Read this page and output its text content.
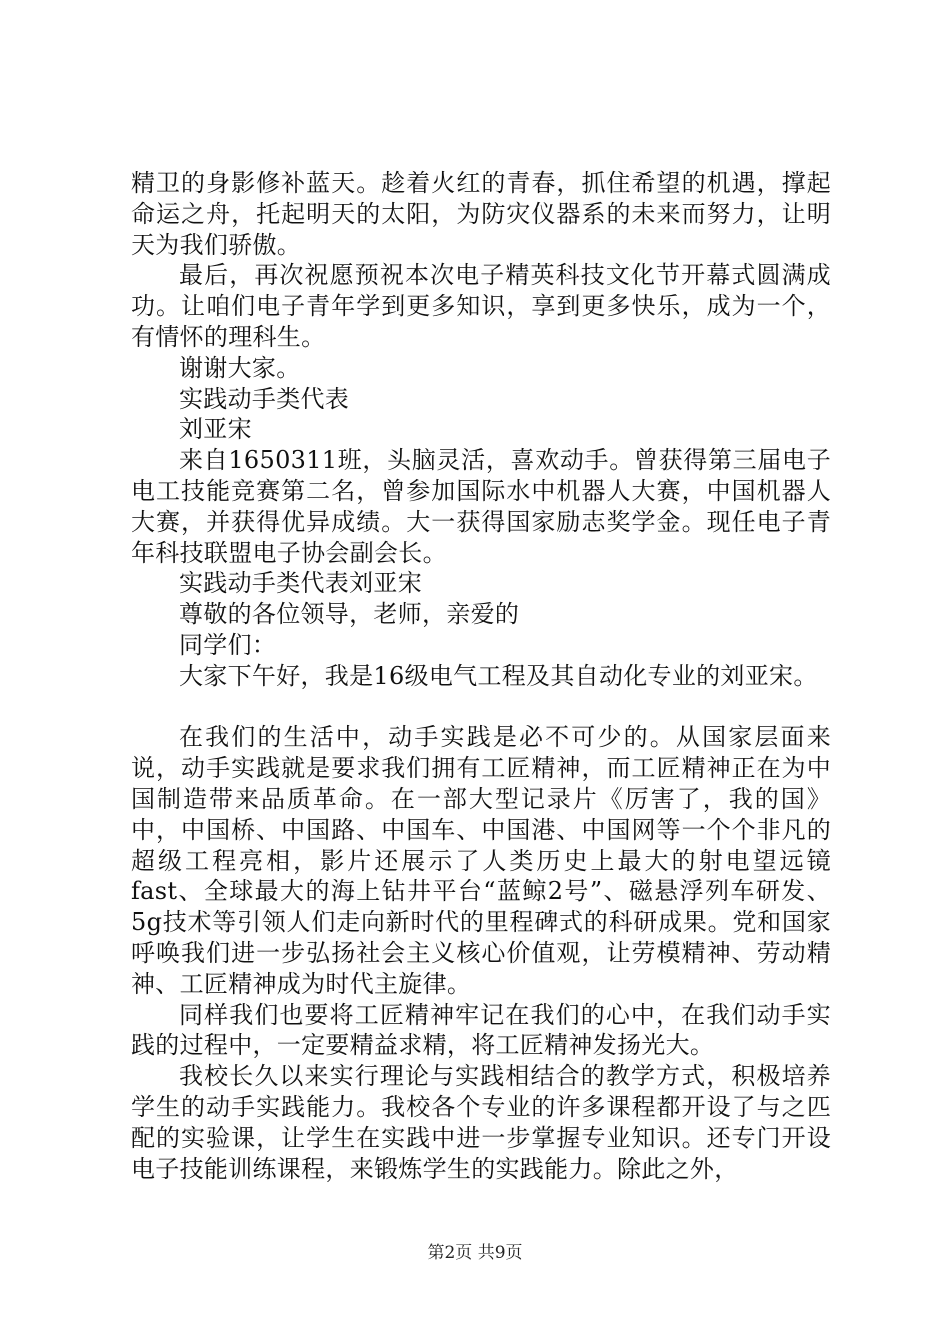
精卫的身影修补蓝天。趁着火红的青春，抓住希望的机遇，撑起命运之舟，托起明天的太阳，为防灾仪器系的未来而努力，让明天为我们骄傲。

最后，再次祝愿预祝本次电子精英科技文化节开幕式圆满成功。让咱们电子青年学到更多知识，享到更多快乐，成为一个，有情怀的理科生。

谢谢大家。

实践动手类代表

刘亚宋

来自1650311班，头脑灵活，喜欢动手。曾获得第三届电子电工技能竞赛第二名，曾参加国际水中机器人大赛，中国机器人大赛，并获得优异成绩。大一获得国家励志奖学金。现任电子青年科技联盟电子协会副会长。

实践动手类代表刘亚宋

尊敬的各位领导，老师，亲爱的

同学们：

大家下午好，我是16级电气工程及其自动化专业的刘亚宋。

在我们的生活中，动手实践是必不可少的。从国家层面来说，动手实践就是要求我们拥有工匠精神，而工匠精神正在为中国制造带来品质革命。在一部大型记录片《厉害了，我的国》中，中国桥、中国路、中国车、中国港、中国网等一个个非凡的超级工程亮相，影片还展示了人类历史上最大的射电望远镜fast、全球最大的海上钻井平台“蓝鲸2号”、磁悬浮列车研发、5g技术等引领人们走向新时代的里程碑式的科研成果。党和国家呼唤我们进一步弘扬社会主义核心价值观，让劳模精神、劳动精神、工匠精神成为时代主旋律。

同样我们也要将工匠精神牢记在我们的心中，在我们动手实践的过程中，一定要精益求精，将工匠精神发扬光大。

我校长久以来实行理论与实践相结合的教学方式，积极培养学生的动手实践能力。我校各个专业的许多课程都开设了与之匹配的实验课，让学生在实践中进一步掌握专业知识。还专门开设电子技能训练课程，来锻炼学生的实践能力。除此之外，

第2页 共9页
